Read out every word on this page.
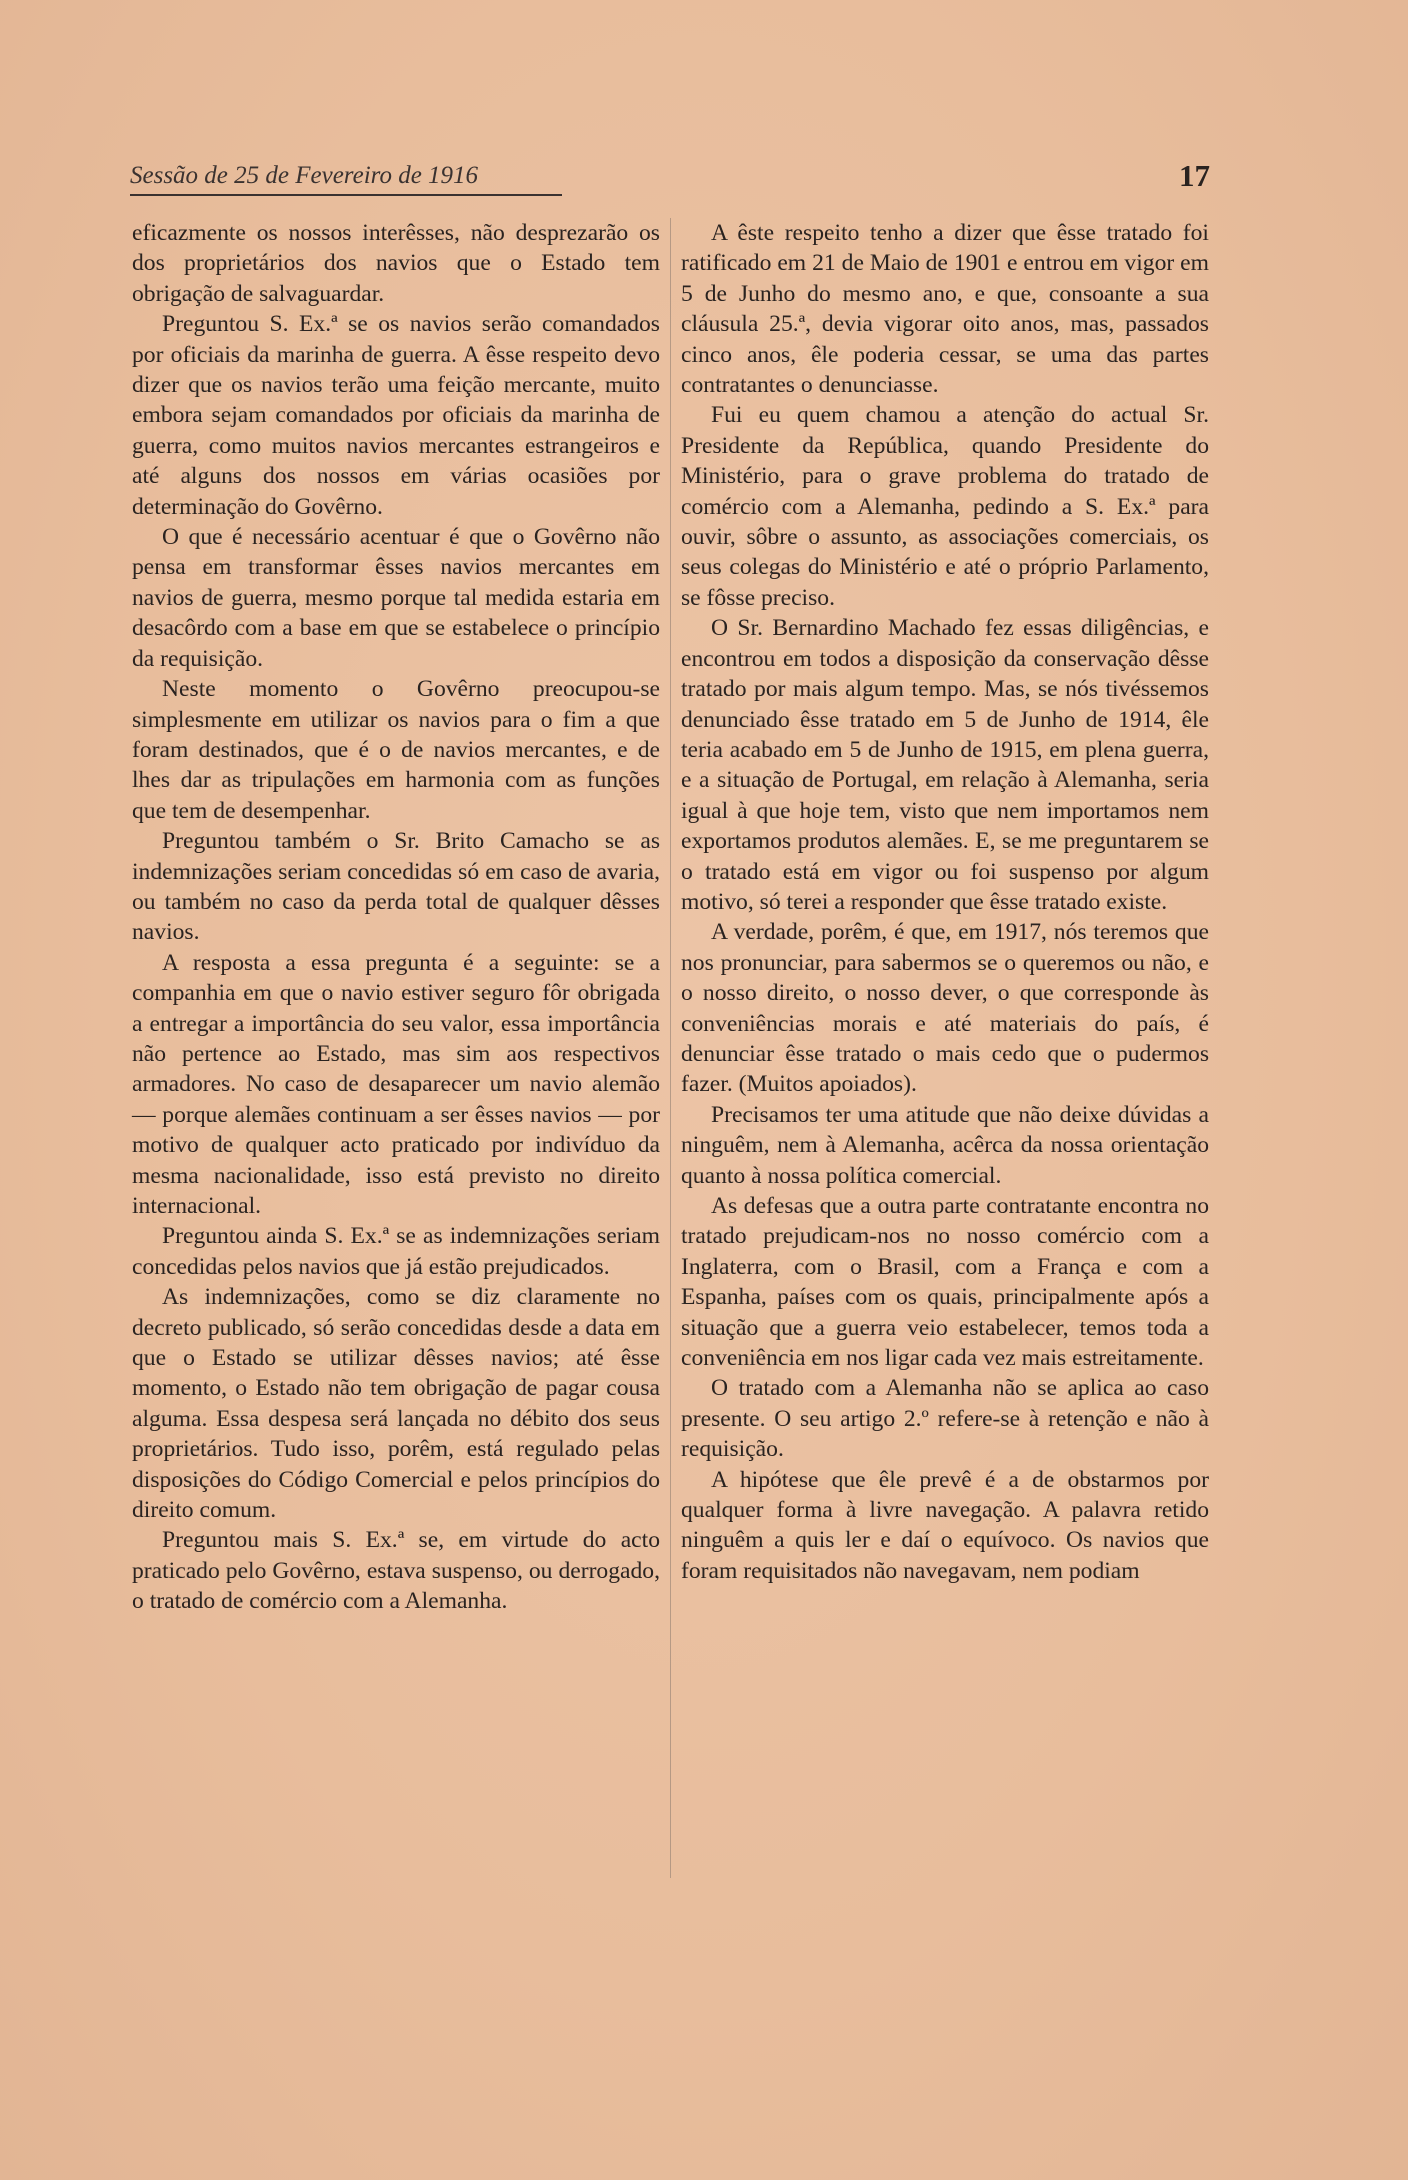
Sessão de 25 de Fevereiro de 1916	17

eficazmente os nossos interêsses, não desprezarão os dos proprietários dos navios que o Estado tem obrigação de salvaguardar.

Preguntou S. Ex.ª se os navios serão comandados por oficiais da marinha de guerra. A êsse respeito devo dizer que os navios terão uma feição mercante, muito embora sejam comandados por oficiais da marinha de guerra, como muitos navios mercantes estrangeiros e até alguns dos nossos em várias ocasiões por determinação do Govêrno.

O que é necessário acentuar é que o Govêrno não pensa em transformar êsses navios mercantes em navios de guerra, mesmo porque tal medida estaria em desacôrdo com a base em que se estabelece o princípio da requisição.

Neste momento o Govêrno preocupou-se simplesmente em utilizar os navios para o fim a que foram destinados, que é o de navios mercantes, e de lhes dar as tripulações em harmonia com as funções que tem de desempenhar.

Preguntou também o Sr. Brito Camacho se as indemnizações seriam concedidas só em caso de avaria, ou também no caso da perda total de qualquer dêsses navios.

A resposta a essa pregunta é a seguinte: se a companhia em que o navio estiver seguro fôr obrigada a entregar a importância do seu valor, essa importância não pertence ao Estado, mas sim aos respectivos armadores. No caso de desaparecer um navio alemão — porque alemães continuam a ser êsses navios — por motivo de qualquer acto praticado por indivíduo da mesma nacionalidade, isso está previsto no direito internacional.

Preguntou ainda S. Ex.ª se as indemnizações seriam concedidas pelos navios que já estão prejudicados.

As indemnizações, como se diz claramente no decreto publicado, só serão concedidas desde a data em que o Estado se utilizar dêsses navios; até êsse momento, o Estado não tem obrigação de pagar cousa alguma. Essa despesa será lançada no débito dos seus proprietários. Tudo isso, porêm, está regulado pelas disposições do Código Comercial e pelos princípios do direito comum.

Preguntou mais S. Ex.ª se, em virtude do acto praticado pelo Govêrno, estava suspenso, ou derrogado, o tratado de comércio com a Alemanha.

A êste respeito tenho a dizer que êsse tratado foi ratificado em 21 de Maio de 1901 e entrou em vigor em 5 de Junho do mesmo ano, e que, consoante a sua cláusula 25.ª, devia vigorar oito anos, mas, passados cinco anos, êle poderia cessar, se uma das partes contratantes o denunciasse.

Fui eu quem chamou a atenção do actual Sr. Presidente da República, quando Presidente do Ministério, para o grave problema do tratado de comércio com a Alemanha, pedindo a S. Ex.ª para ouvir, sôbre o assunto, as associações comerciais, os seus colegas do Ministério e até o próprio Parlamento, se fôsse preciso.

O Sr. Bernardino Machado fez essas diligências, e encontrou em todos a disposição da conservação dêsse tratado por mais algum tempo. Mas, se nós tivéssemos denunciado êsse tratado em 5 de Junho de 1914, êle teria acabado em 5 de Junho de 1915, em plena guerra, e a situação de Portugal, em relação à Alemanha, seria igual à que hoje tem, visto que nem importamos nem exportamos produtos alemães. E, se me preguntarem se o tratado está em vigor ou foi suspenso por algum motivo, só terei a responder que êsse tratado existe.

A verdade, porêm, é que, em 1917, nós teremos que nos pronunciar, para sabermos se o queremos ou não, e o nosso direito, o nosso dever, o que corresponde às conveniências morais e até materiais do país, é denunciar êsse tratado o mais cedo que o pudermos fazer. (Muitos apoiados).

Precisamos ter uma atitude que não deixe dúvidas a ninguêm, nem à Alemanha, acêrca da nossa orientação quanto à nossa política comercial.

As defesas que a outra parte contratante encontra no tratado prejudicam-nos no nosso comércio com a Inglaterra, com o Brasil, com a França e com a Espanha, países com os quais, principalmente após a situação que a guerra veio estabelecer, temos toda a conveniência em nos ligar cada vez mais estreitamente.

O tratado com a Alemanha não se aplica ao caso presente. O seu artigo 2.º refere-se à retenção e não à requisição.

A hipótese que êle prevê é a de obstarmos por qualquer forma à livre navegação. A palavra retido ninguêm a quis ler e daí o equívoco. Os navios que foram requisitados não navegavam, nem podiam
